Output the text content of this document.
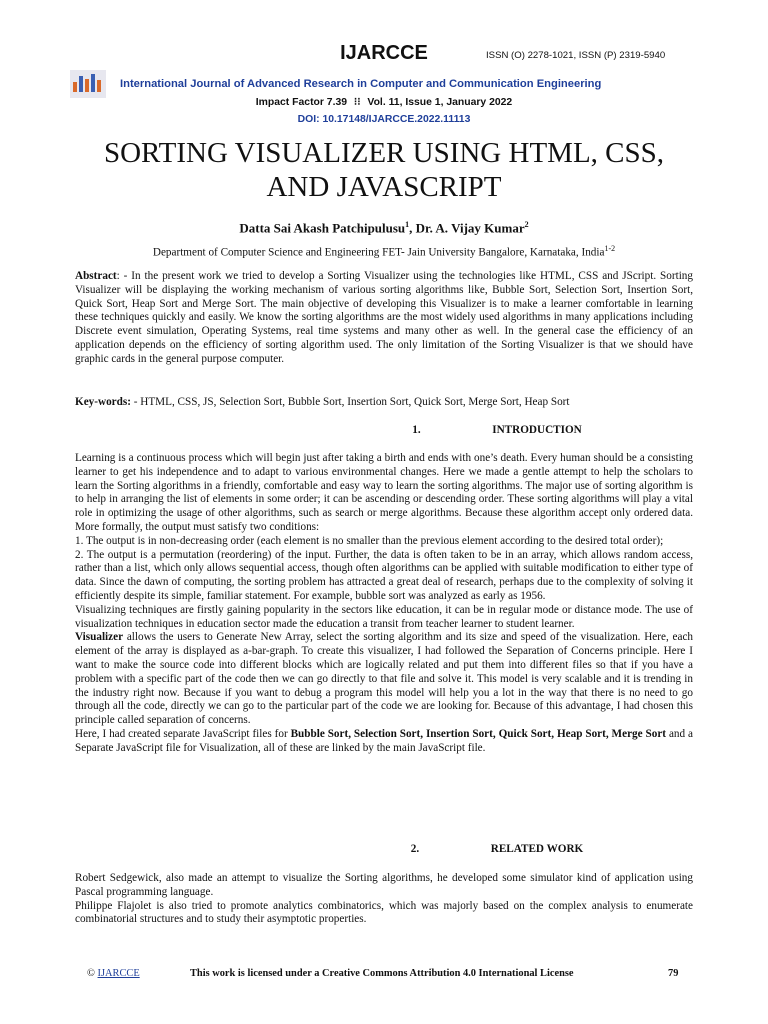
IJARCCE	ISSN (O) 2278-1021, ISSN (P) 2319-5940
International Journal of Advanced Research in Computer and Communication Engineering
Impact Factor 7.39 ⁝⁝ Vol. 11, Issue 1, January 2022
DOI: 10.17148/IJARCCE.2022.11113
SORTING VISUALIZER USING HTML, CSS,
AND JAVASCRIPT
Datta Sai Akash Patchipulusu$^1$, Dr. A. Vijay Kumar$^2$
Department of Computer Science and Engineering FET- Jain University Bangalore, Karnataka, India$^{1-2}$
Abstract: - In the present work we tried to develop a Sorting Visualizer using the technologies like HTML, CSS and JScript. Sorting Visualizer will be displaying the working mechanism of various sorting algorithms like, Bubble Sort, Selection Sort, Insertion Sort, Quick Sort, Heap Sort and Merge Sort. The main objective of developing this Visualizer is to make a learner comfortable in learning these techniques quickly and easily. We know the sorting algorithms are the most widely used algorithms in many applications including Discrete event simulation, Operating Systems, real time systems and many other as well. In the general case the efficiency of an application depends on the efficiency of sorting algorithm used. The only limitation of the Sorting Visualizer is that we should have graphic cards in the general purpose computer.
Key-words: - HTML, CSS, JS, Selection Sort, Bubble Sort, Insertion Sort, Quick Sort, Merge Sort, Heap Sort
1.	INTRODUCTION

Learning is a continuous process which will begin just after taking a birth and ends with one’s death. Every human should be a consisting learner to get his independence and to adapt to various environmental changes. Here we made a gentle attempt to help the scholars to learn the Sorting algorithms in a friendly, comfortable and easy way to learn the sorting algorithms. The major use of sorting algorithm is to help in arranging the list of elements in some order; it can be ascending or descending order. These sorting algorithms will play a vital role in optimizing the usage of other algorithms, such as search or merge algorithms. Because these algorithm accept only ordered data. More formally, the output must satisfy two conditions:

1. The output is in non-decreasing order (each element is no smaller than the previous element according to the desired total order);

2. The output is a permutation (reordering) of the input. Further, the data is often taken to be in an array, which allows random access, rather than a list, which only allows sequential access, though often algorithms can be applied with suitable modification to either type of data. Since the dawn of computing, the sorting problem has attracted a great deal of research, perhaps due to the complexity of solving it efficiently despite its simple, familiar statement. For example, bubble sort was analyzed as early as 1956.

Visualizing techniques are firstly gaining popularity in the sectors like education, it can be in regular mode or distance mode. The use of visualization techniques in education sector made the education a transit from teacher learner to student learner.

Visualizer allows the users to Generate New Array, select the sorting algorithm and its size and speed of the visualization. Here, each element of the array is displayed as a-bar-graph. To create this visualizer, I had followed the Separation of Concerns principle. Here I want to make the source code into different blocks which are logically related and put them into different files so that if you have a problem with a specific part of the code then we can go directly to that file and solve it. This model is very scalable and it is trending in the industry right now. Because if you want to debug a program this model will help you a lot in the way that there is no need to go through all the code, directly we can go to the particular part of the code we are looking for. Because of this advantage, I had chosen this principle called separation of concerns.

Here, I had created separate JavaScript files for Bubble Sort, Selection Sort, Insertion Sort, Quick Sort, Heap Sort, Merge Sort and a Separate JavaScript file for Visualization, all of these are linked by the main JavaScript file.

2.	RELATED WORK

Robert Sedgewick, also made an attempt to visualize the Sorting algorithms, he developed some simulator kind of application using Pascal programming language.

Philippe Flajolet is also tried to promote analytics combinatorics, which was majorly based on the complex analysis to enumerate combinatorial structures and to study their asymptotic properties.

© IJARCCE	This work is licensed under a Creative Commons Attribution 4.0 International License	79
